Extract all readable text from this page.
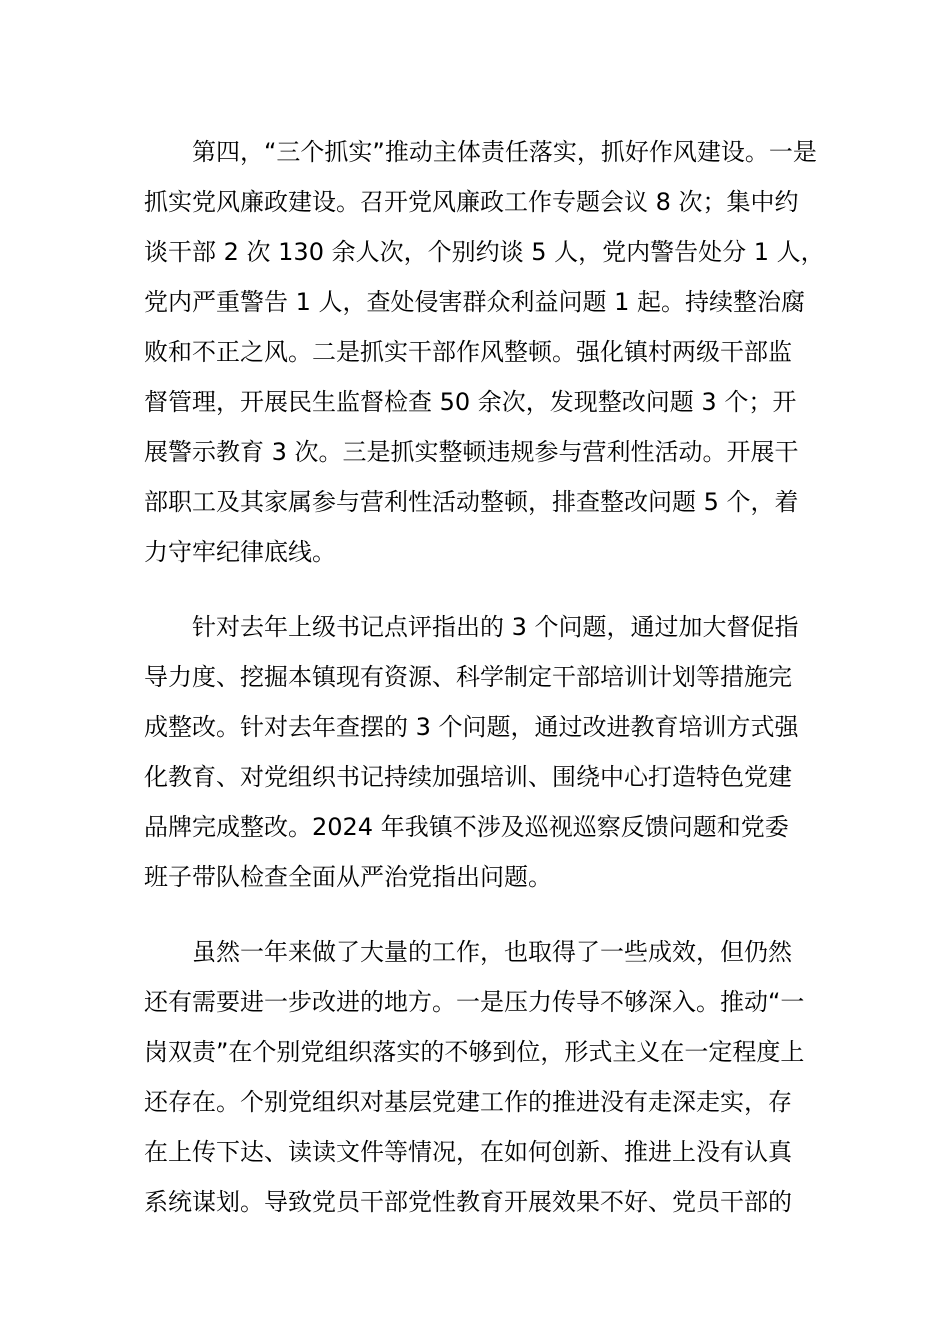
第四，“三个抓实”推动主体责任落实，抓好作风建设。一是
抓实党风廉政建设。召开党风廉政工作专题会议 8 次；集中约
谈干部 2 次 130 余人次，个别约谈 5 人，党内警告处分 1 人，
党内严重警告 1 人，查处侵害群众利益问题 1 起。持续整治腐
败和不正之风。二是抓实干部作风整顿。强化镇村两级干部监
督管理，开展民生监督检查 50 余次，发现整改问题 3 个；开
展警示教育 3 次。三是抓实整顿违规参与营利性活动。开展干
部职工及其家属参与营利性活动整顿，排查整改问题 5 个，着
力守牢纪律底线。
针对去年上级书记点评指出的 3 个问题，通过加大督促指
导力度、挖掘本镇现有资源、科学制定干部培训计划等措施完
成整改。针对去年查摆的 3 个问题，通过改进教育培训方式强
化教育、对党组织书记持续加强培训、围绕中心打造特色党建
品牌完成整改。2024 年我镇不涉及巡视巡察反馈问题和党委
班子带队检查全面从严治党指出问题。
虽然一年来做了大量的工作，也取得了一些成效，但仍然
还有需要进一步改进的地方。一是压力传导不够深入。推动“一
岗双责”在个别党组织落实的不够到位，形式主义在一定程度上
还存在。个别党组织对基层党建工作的推进没有走深走实，存
在上传下达、读读文件等情况，在如何创新、推进上没有认真
系统谋划。导致党员干部党性教育开展效果不好、党员干部的
